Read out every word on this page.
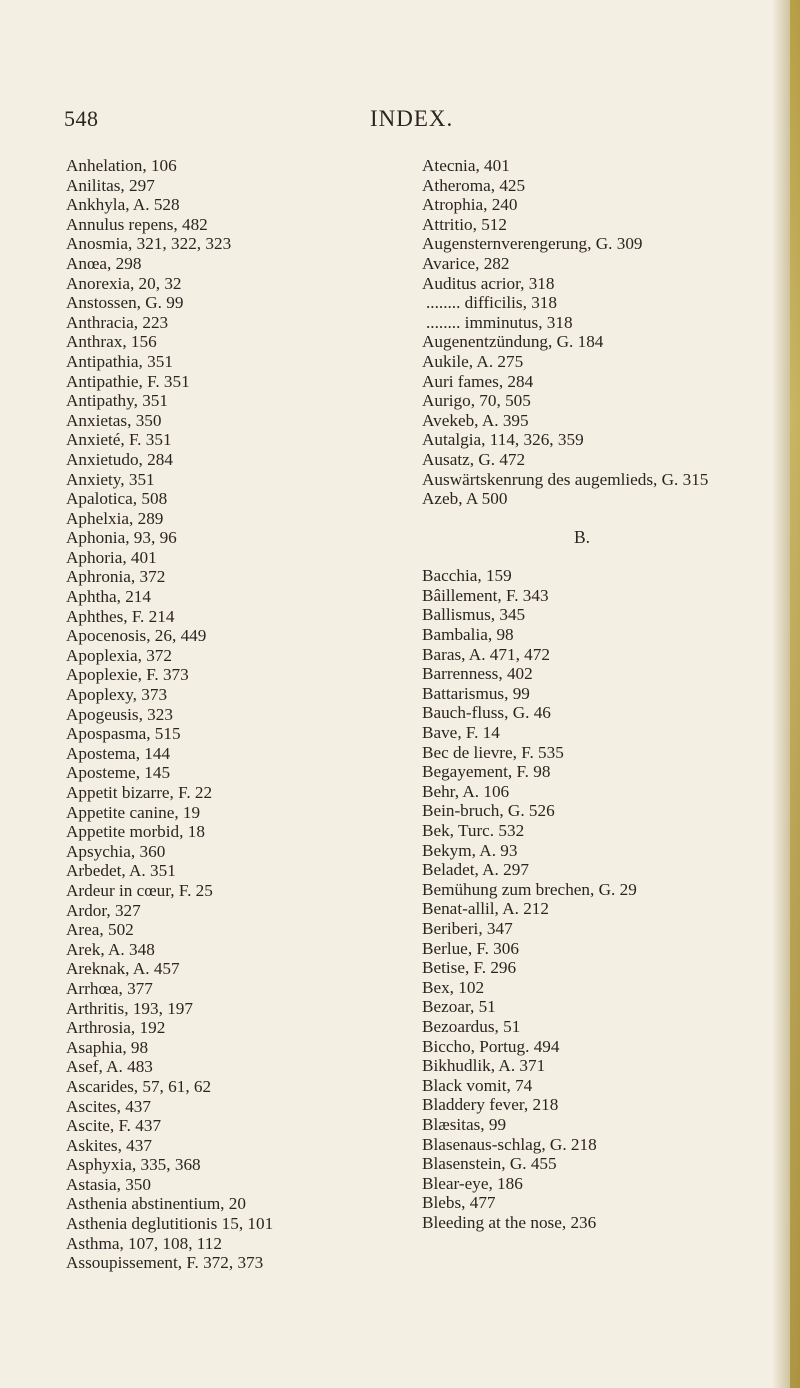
548	INDEX.
Anhelation, 106
Anilitas, 297
Ankhyla, A. 528
Annulus repens, 482
Anosmia, 321, 322, 323
Anœa, 298
Anorexia, 20, 32
Anstossen, G. 99
Anthracia, 223
Anthrax, 156
Antipathia, 351
Antipathie, F. 351
Antipathy, 351
Anxietas, 350
Anxieté, F. 351
Anxietudo, 284
Anxiety, 351
Apalotica, 508
Aphelxia, 289
Aphonia, 93, 96
Aphoria, 401
Aphronia, 372
Aphtha, 214
Aphthes, F. 214
Apocenosis, 26, 449
Apoplexia, 372
Apoplexie, F. 373
Apoplexy, 373
Apogeusis, 323
Apospasma, 515
Apostema, 144
Aposteme, 145
Appetit bizarre, F. 22
Appetite canine, 19
Appetite morbid, 18
Apsychia, 360
Arbedet, A. 351
Ardeur in cœur, F. 25
Ardor, 327
Area, 502
Arek, A. 348
Areknak, A. 457
Arrhœa, 377
Arthritis, 193, 197
Arthrosia, 192
Asaphia, 98
Asef, A. 483
Ascarides, 57, 61, 62
Ascites, 437
Ascite, F. 437
Askites, 437
Asphyxia, 335, 368
Astasia, 350
Asthenia abstinentium, 20
Asthenia deglutitionis 15, 101
Asthma, 107, 108, 112
Assoupissement, F. 372, 373
Atecnia, 401
Atheroma, 425
Atrophia, 240
Attritio, 512
Augensternverengerung, G. 309
Avarice, 282
Auditus acrior, 318
........ difficilis, 318
........ imminutus, 318
Augenentzündung, G. 184
Aukile, A. 275
Auri fames, 284
Aurigo, 70, 505
Avekeb, A. 395
Autalgia, 114, 326, 359
Ausatz, G. 472
Auswärtskenrung des augemlieds, G. 315
Azeb, A 500
B.
Bacchia, 159
Bâillement, F. 343
Ballismus, 345
Bambalia, 98
Baras, A. 471, 472
Barrenness, 402
Battarismus, 99
Bauch-fluss, G. 46
Bave, F. 14
Bec de lievre, F. 535
Begayement, F. 98
Behr, A. 106
Bein-bruch, G. 526
Bek, Turc. 532
Bekym, A. 93
Beladet, A. 297
Bemühung zum brechen, G. 29
Benat-allil, A. 212
Beriberi, 347
Berlue, F. 306
Betise, F. 296
Bex, 102
Bezoar, 51
Bezoardus, 51
Biccho, Portug. 494
Bikhudlik, A. 371
Black vomit, 74
Bladdery fever, 218
Blæsitas, 99
Blasenaus-schlag, G. 218
Blasenstein, G. 455
Blear-eye, 186
Blebs, 477
Bleeding at the nose, 236
